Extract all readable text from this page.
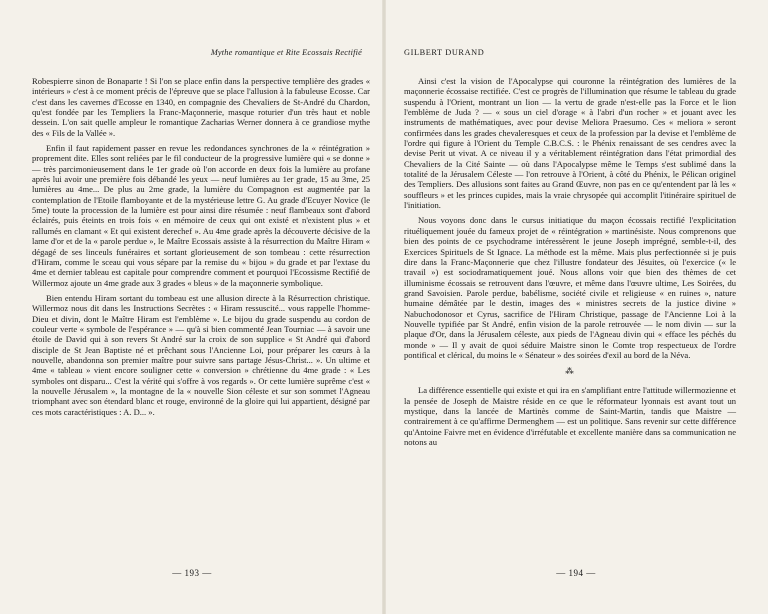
Mythe romantique et Rite Ecossais Rectifié

Robespierre sinon de Bonaparte ! Si l'on se place enfin dans la perspective templière des grades « intérieurs » c'est à ce moment précis de l'épreuve que se place l'allusion à la fabuleuse Ecosse. Car c'est dans les cavernes d'Ecosse en 1340, en compagnie des Chevaliers de St-André du Chardon, qu'est fondée par les Templiers la Franc-Maçonnerie, masque roturier d'un très haut et noble dessein. L'on sait quelle ampleur le romantique Zacharias Werner donnera à ce grandiose mythe des « Fils de la Vallée ».

Enfin il faut rapidement passer en revue les redondances synchrones de la « réintégration » proprement dite. Elles sont reliées par le fil conducteur de la progressive lumière qui « se donne » — très parcimonieusement dans le 1er grade où l'on accorde en deux fois la lumière au profane après lui avoir une première fois débandé les yeux — neuf lumières au 1er grade, 15 au 3me, 25 lumières au 4me... De plus au 2me grade, la lumière du Compagnon est augmentée par la contemplation de l'Etoile flamboyante et de la mystérieuse lettre G. Au grade d'Ecuyer Novice (le 5me) toute la procession de la lumière est pour ainsi dire résumée : neuf flambeaux sont d'abord éclairés, puis éteints en trois fois « en mémoire de ceux qui ont existé et n'existent plus » et rallumés en clamant « Et qui existent derechef ». Au 4me grade après la découverte décisive de la lame d'or et de la « parole perdue », le Maître Ecossais assiste à la résurrection du Maître Hiram « dégagé de ses linceuls funéraires et sortant glorieusement de son tombeau : cette résurrection d'Hiram, comme le sceau qui vous sépare par la remise du « bijou » du grade et par l'extase du 4me et dernier tableau est capitale pour comprendre comment et pourquoi l'Ecossisme Rectifié de Willermoz ajoute un 4me grade aux 3 grades « bleus » de la maçonnerie symbolique.

Bien entendu Hiram sortant du tombeau est une allusion directe à la Résurrection christique. Willermoz nous dit dans les Instructions Secrètes : « Hiram ressuscité... vous rappelle l'homme-Dieu et divin, dont le Maître Hiram est l'emblème ». Le bijou du grade suspendu au cordon de couleur verte « symbole de l'espérance » — qu'à si bien commenté Jean Tourniac — à savoir une étoile de David qui à son revers St André sur la croix de son supplice « St André qui d'abord disciple de St Jean Baptiste né et prêchant sous l'Ancienne Loi, pour préparer les cœurs à la nouvelle, abandonna son premier maître pour suivre sans partage Jésus-Christ... ». Un ultime et 4me « tableau » vient encore souligner cette « conversion » chrétienne du 4me grade : « Les symboles ont disparu... C'est la vérité qui s'offre à vos regards ». Or cette lumière suprême c'est « la nouvelle Jérusalem », la montagne de la « nouvelle Sion céleste et sur son sommet l'Agneau triomphant avec son étendard blanc et rouge, environné de la gloire qui lui appartient, désigné par ces mots caractéristiques : A. D... ».

— 193 —
GILBERT DURAND

Ainsi c'est la vision de l'Apocalypse qui couronne la réintégration des lumières de la maçonnerie écossaise rectifiée. C'est ce progrès de l'illumination que résume le tableau du grade suspendu à l'Orient, montrant un lion — la vertu de grade n'est-elle pas la Force et le lion l'emblème de Juda ? — « sous un ciel d'orage « à l'abri d'un rocher » et jouant avec les instruments de mathématiques, avec pour devise Meliora Praesumo. Ces « meliora » seront confirmées dans les grades chevaleresques et ceux de la profession par la devise et l'emblème de l'ordre qui figure à l'Orient du Temple C.B.C.S. : le Phénix renaissant de ses cendres avec la devise Perit ut vivat. A ce niveau il y a véritablement réintégration dans l'état primordial des Chevaliers de la Cité Sainte — où dans l'Apocalypse même le Temps s'est sublimé dans la totalité de la Jérusalem Céleste — l'on retrouve à l'Orient, à côté du Phénix, le Pélican originel des Templiers. Des allusions sont faites au Grand Œuvre, non pas en ce qu'entendent par là les « souffleurs » et les princes cupides, mais la vraie chrysopée qui accomplit l'itinéraire spirituel de l'initiation.

Nous voyons donc dans le cursus initiatique du maçon écossais rectifié l'explicitation rituéliquement jouée du fameux projet de « réintégration » martinésiste. Nous comprenons que bien des points de ce psychodrame intéressèrent le jeune Joseph imprégné, semble-t-il, des Exercices Spirituels de St Ignace. La méthode est la même. Mais plus perfectionnée si je puis dire dans la Franc-Maçonnerie que chez l'illustre fondateur des Jésuites, où l'exercice (« le travail ») est sociodramatiquement joué. Nous allons voir que bien des thèmes de cet illuminisme écossais se retrouvent dans l'œuvre, et même dans l'œuvre ultime, Les Soirées, du grand Savoisien. Parole perdue, babélisme, société civile et religieuse « en ruines », nature humaine démâtée par le destin, images des « ministres secrets de la justice divine » Nabuchodonosor et Cyrus, sacrifice de l'Hiram Christique, passage de l'Ancienne Loi à la Nouvelle typifiée par St André, enfin vision de la parole retrouvée — le nom divin — sur la plaque d'Or, dans la Jérusalem céleste, aux pieds de l'Agneau divin qui « efface les péchés du monde » — Il y avait de quoi séduire Maistre sinon le Comte trop respectueux de l'ordre pontifical et clérical, du moins le « Sénateur » des soirées d'exil au bord de la Néva.

⁂

La différence essentielle qui existe et qui ira en s'amplifiant entre l'attitude willermozienne et la pensée de Joseph de Maistre réside en ce que le réformateur lyonnais est avant tout un mystique, dans la lancée de Martinès comme de Saint-Martin, tandis que Maistre — contrairement à ce qu'affirme Dermenghem — est un politique. Sans revenir sur cette différence qu'Antoine Faivre met en évidence d'irréfutable et excellente manière dans sa communication ne notons au

— 194 —
